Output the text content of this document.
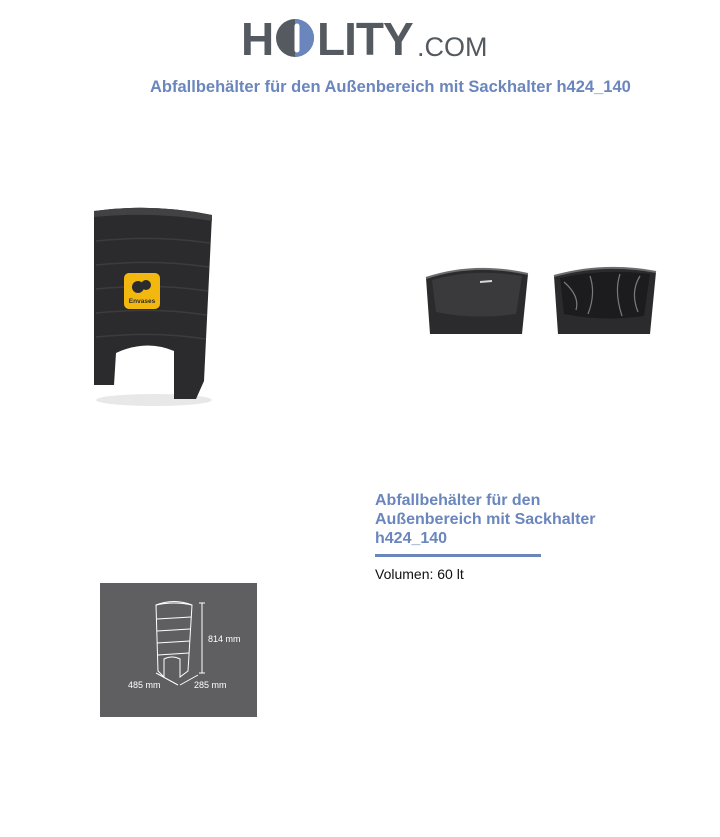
H LITY .COM
Abfallbehälter für den Außenbereich mit Sackhalter h424_140
Envases

Abfallbehälter für den
Außenbereich mit Sackhalter
h424_140

Volumen: 60 lt
814 mm
485 mm	285 mm
